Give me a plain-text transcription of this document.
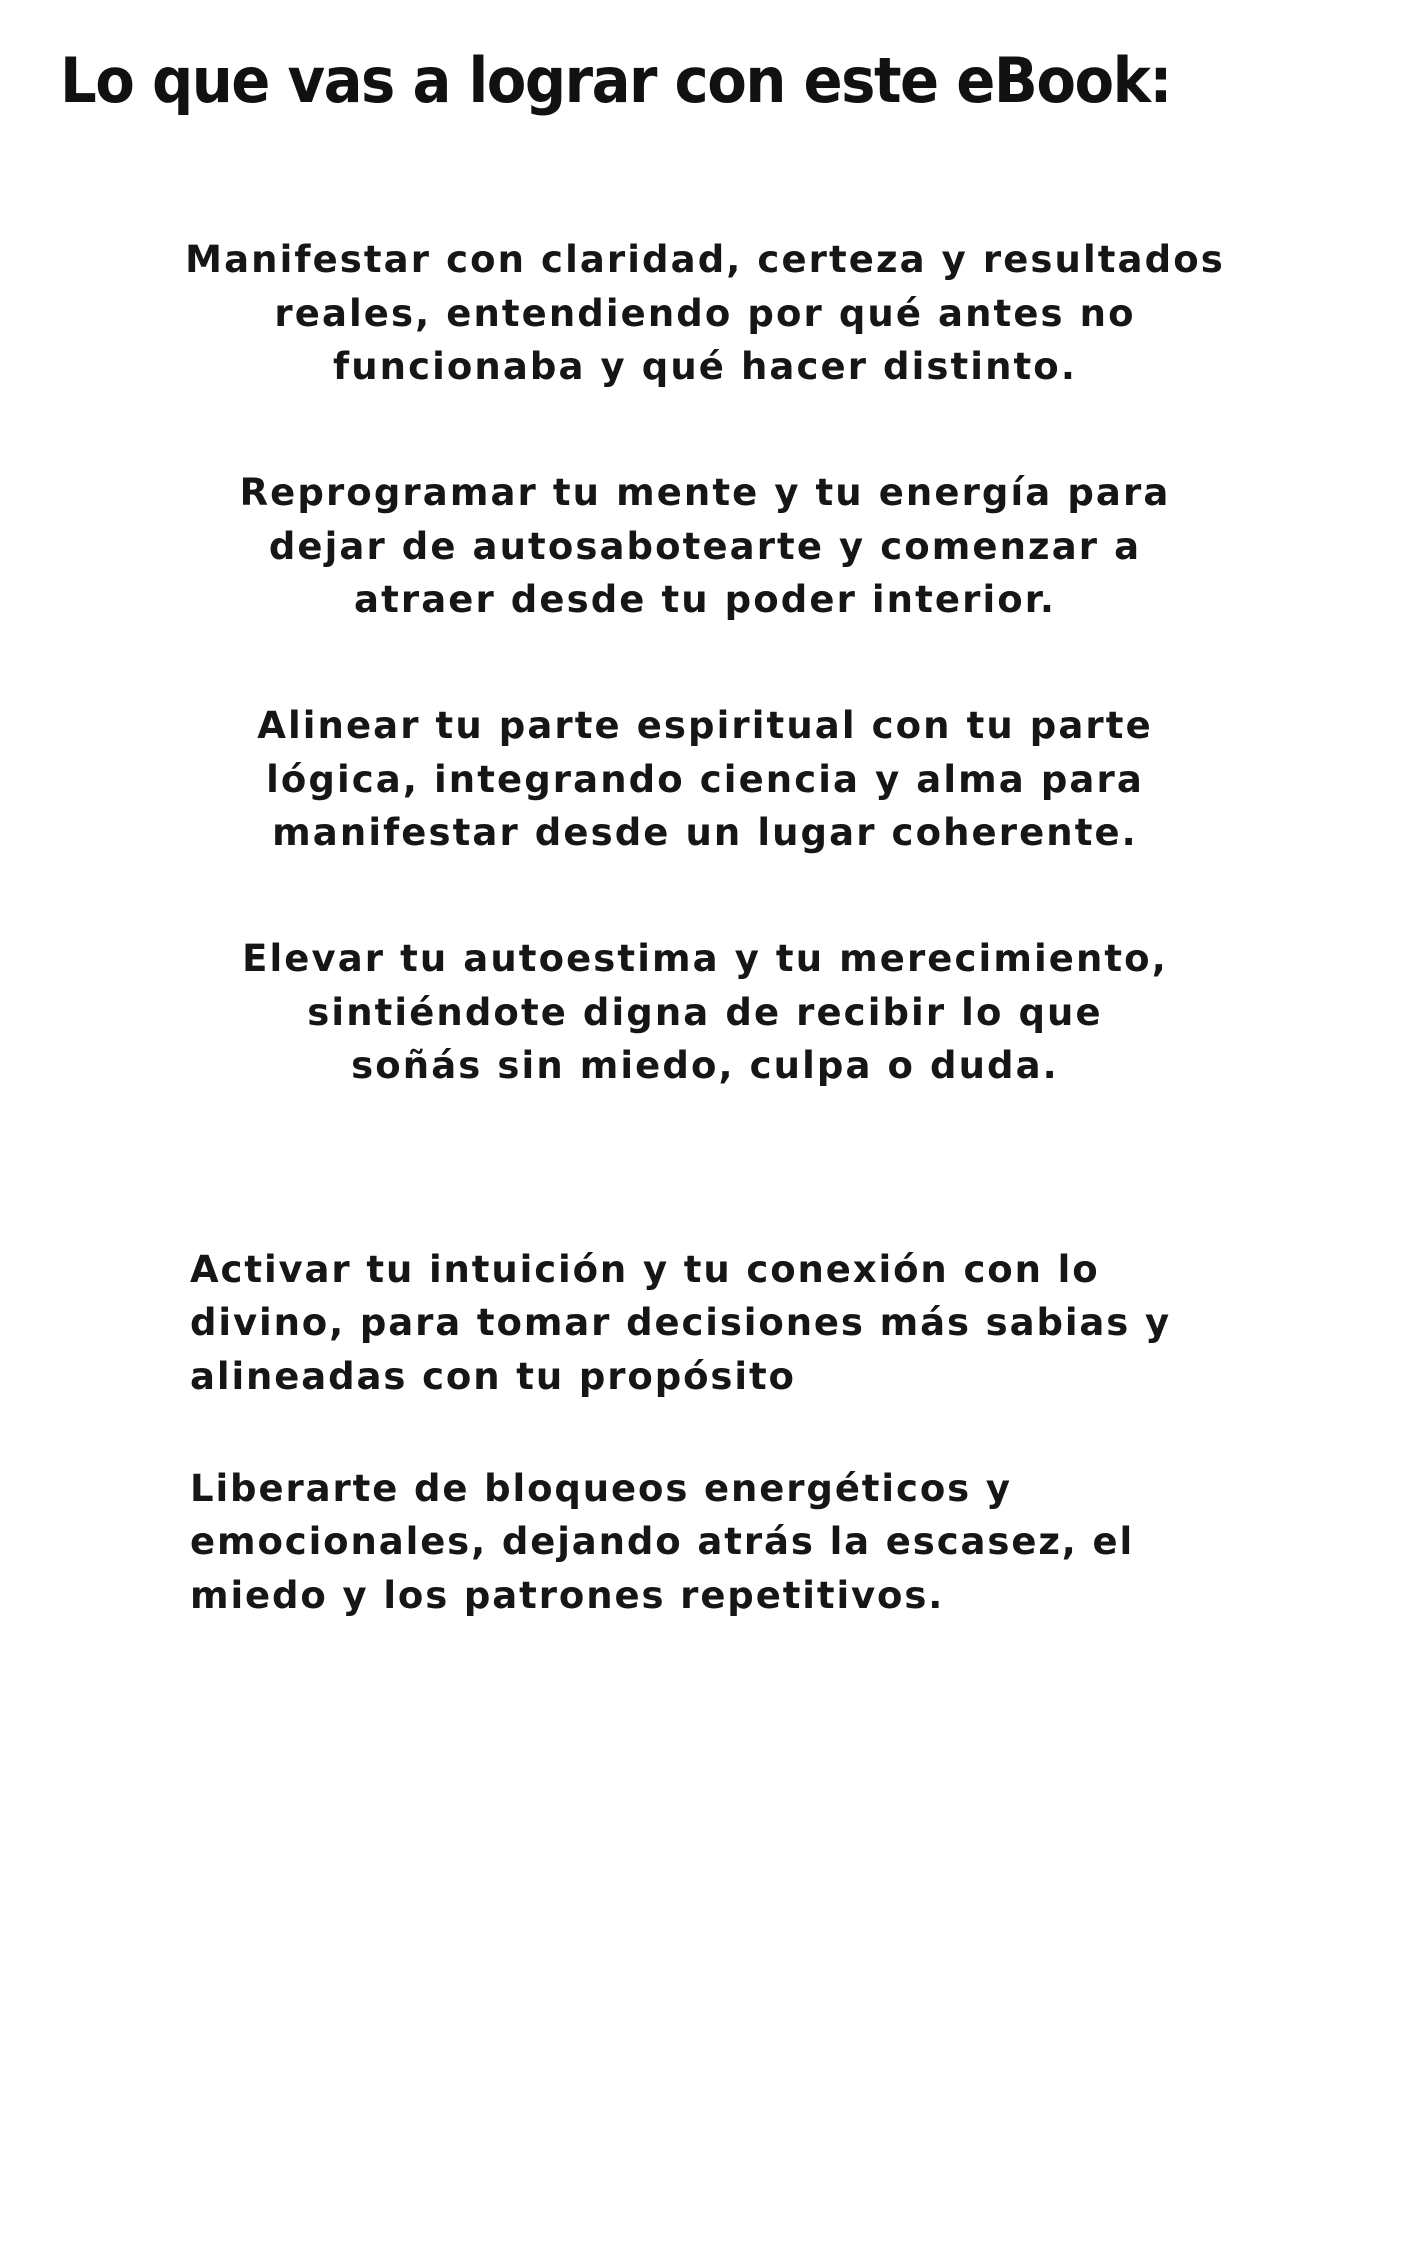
Lo que vas a lograr con este eBook:
Manifestar con claridad, certeza y resultados
reales, entendiendo por qué antes no
funcionaba y qué hacer distinto.
Reprogramar tu mente y tu energía para
dejar de autosabotearte y comenzar a
atraer desde tu poder interior.
Alinear tu parte espiritual con tu parte
lógica, integrando ciencia y alma para
manifestar desde un lugar coherente.
Elevar tu autoestima y tu merecimiento,
sintiéndote digna de recibir lo que
soñás sin miedo, culpa o duda.
Activar tu intuición y tu conexión con lo
divino, para tomar decisiones más sabias y
alineadas con tu propósito
Liberarte de bloqueos energéticos y
emocionales, dejando atrás la escasez, el
miedo y los patrones repetitivos.
